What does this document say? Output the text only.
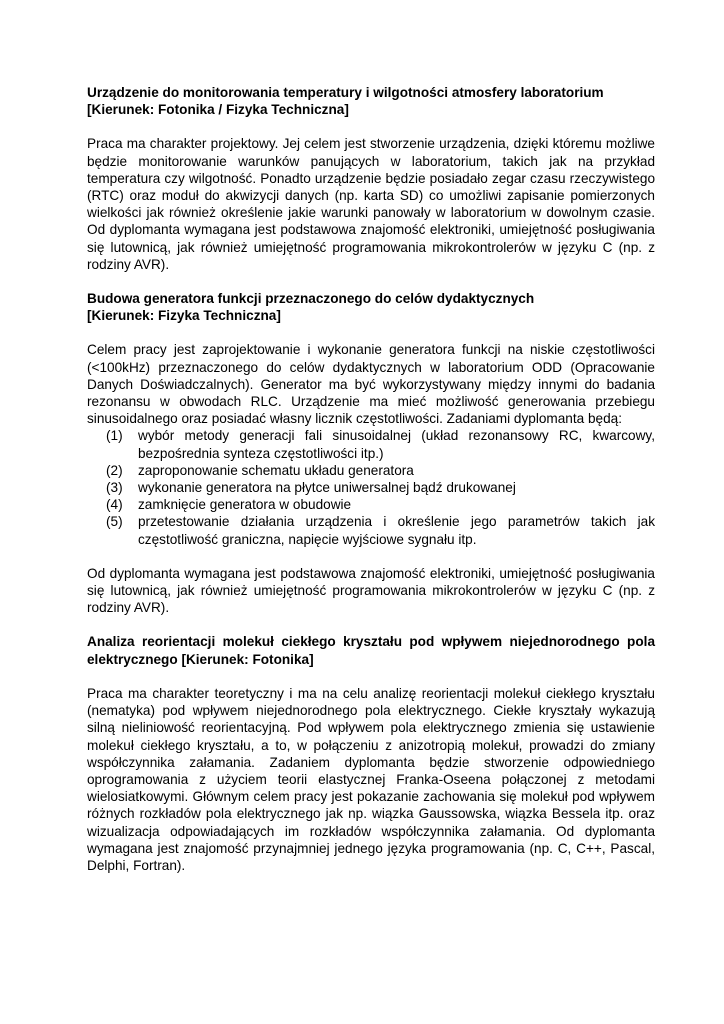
Urządzenie do monitorowania temperatury i wilgotności atmosfery laboratorium

[Kierunek: Fotonika / Fizyka Techniczna]

Praca ma charakter projektowy. Jej celem jest stworzenie urządzenia, dzięki któremu możliwe będzie monitorowanie warunków panujących w laboratorium, takich jak na przykład temperatura czy wilgotność. Ponadto urządzenie będzie posiadało zegar czasu rzeczywistego (RTC) oraz moduł do akwizycji danych (np. karta SD) co umożliwi zapisanie pomierzonych wielkości jak również określenie jakie warunki panowały w laboratorium w dowolnym czasie. Od dyplomanta wymagana jest podstawowa znajomość elektroniki, umiejętność posługiwania się lutownicą, jak również umiejętność programowania mikrokontrolerów w języku C (np. z rodziny AVR).

Budowa generatora funkcji przeznaczonego do celów dydaktycznych

[Kierunek: Fizyka Techniczna]

Celem pracy jest zaprojektowanie i wykonanie generatora funkcji na niskie częstotliwości (<100kHz) przeznaczonego do celów dydaktycznych w laboratorium ODD (Opracowanie Danych Doświadczalnych). Generator ma być wykorzystywany między innymi do badania rezonansu w obwodach RLC. Urządzenie ma mieć możliwość generowania przebiegu sinusoidalnego oraz posiadać własny licznik częstotliwości. Zadaniami dyplomanta będą:

(1) wybór metody generacji fali sinusoidalnej (układ rezonansowy RC, kwarcowy, bezpośrednia synteza częstotliwości itp.)
(2) zaproponowanie schematu układu generatora
(3) wykonanie generatora na płytce uniwersalnej bądź drukowanej
(4) zamknięcie generatora w obudowie
(5) przetestowanie działania urządzenia i określenie jego parametrów takich jak częstotliwość graniczna, napięcie wyjściowe sygnału itp.

Od dyplomanta wymagana jest podstawowa znajomość elektroniki, umiejętność posługiwania się lutownicą, jak również umiejętność programowania mikrokontrolerów w języku C (np. z rodziny AVR).

Analiza reorientacji molekuł ciekłego kryształu pod wpływem niejednorodnego pola elektrycznego [Kierunek: Fotonika]

Praca ma charakter teoretyczny i ma na celu analizę reorientacji molekuł ciekłego kryształu (nematyka) pod wpływem niejednorodnego pola elektrycznego. Ciekłe kryształy wykazują silną nieliniowość reorientacyjną. Pod wpływem pola elektrycznego zmienia się ustawienie molekuł ciekłego kryształu, a to, w połączeniu z anizotropią molekuł, prowadzi do zmiany współczynnika załamania. Zadaniem dyplomanta będzie stworzenie odpowiedniego oprogramowania z użyciem teorii elastycznej Franka-Oseena połączonej z metodami wielosiatkowymi. Głównym celem pracy jest pokazanie zachowania się molekuł pod wpływem różnych rozkładów pola elektrycznego jak np. wiązka Gaussowska, wiązka Bessela itp. oraz wizualizacja odpowiadających im rozkładów współczynnika załamania. Od dyplomanta wymagana jest znajomość przynajmniej jednego języka programowania (np. C, C++, Pascal, Delphi, Fortran).
